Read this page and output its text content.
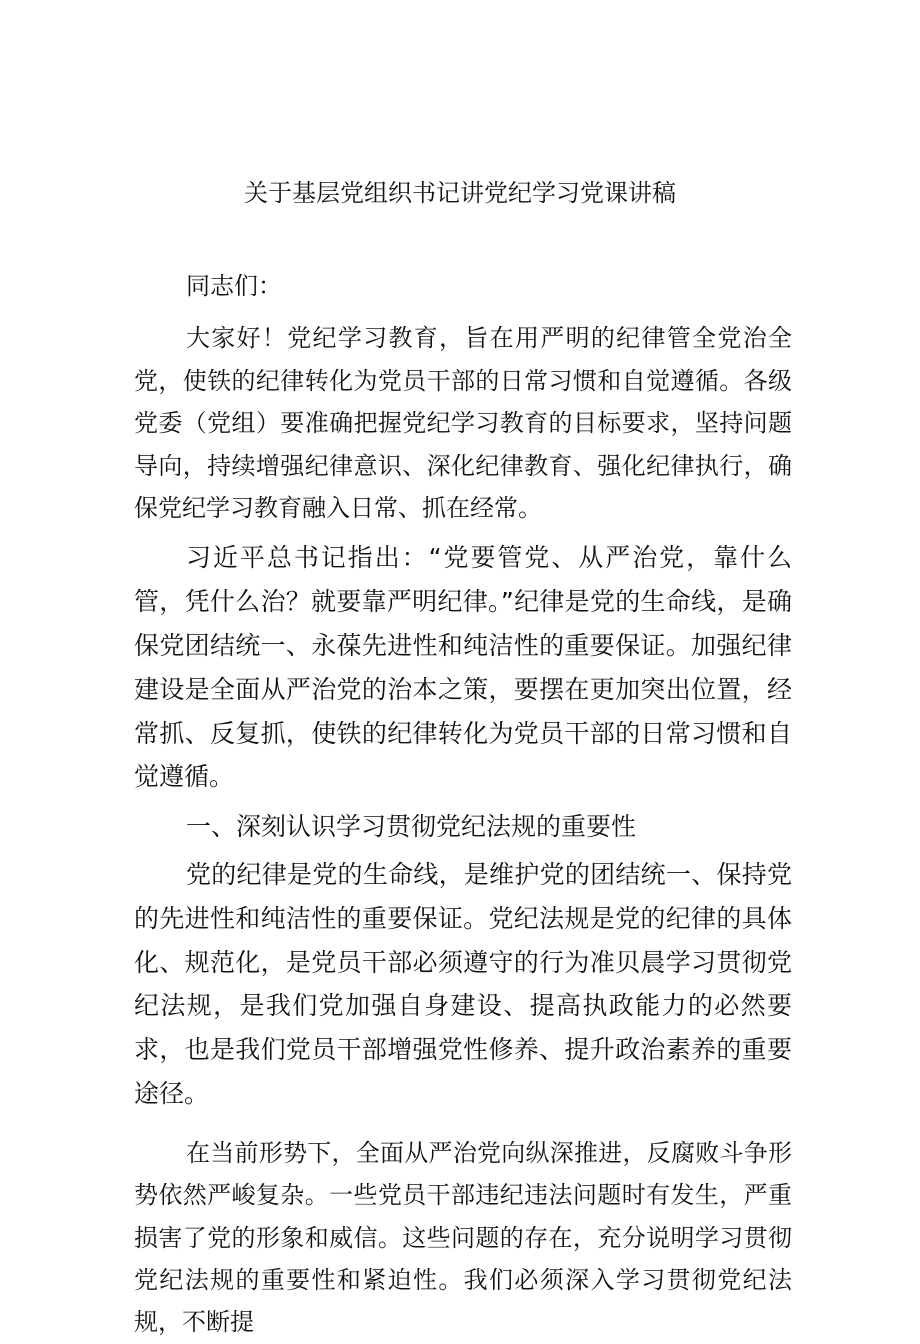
关于基层党组织书记讲党纪学习党课讲稿

同志们：

大家好！党纪学习教育，旨在用严明的纪律管全党治全党，使铁的纪律转化为党员干部的日常习惯和自觉遵循。各级党委（党组）要准确把握党纪学习教育的目标要求，坚持问题导向，持续增强纪律意识、深化纪律教育、强化纪律执行，确保党纪学习教育融入日常、抓在经常。

习近平总书记指出：“党要管党、从严治党，靠什么管，凭什么治？就要靠严明纪律。”纪律是党的生命线，是确保党团结统一、永葆先进性和纯洁性的重要保证。加强纪律建设是全面从严治党的治本之策，要摆在更加突出位置，经常抓、反复抓，使铁的纪律转化为党员干部的日常习惯和自觉遵循。

一、深刻认识学习贯彻党纪法规的重要性

党的纪律是党的生命线，是维护党的团结统一、保持党的先进性和纯洁性的重要保证。党纪法规是党的纪律的具体化、规范化，是党员干部必须遵守的行为准贝晨学习贯彻党纪法规，是我们党加强自身建设、提高执政能力的必然要求，也是我们党员干部增强党性修养、提升政治素养的重要途径。

在当前形势下，全面从严治党向纵深推进，反腐败斗争形势依然严峻复杂。一些党员干部违纪违法问题时有发生，严重损害了党的形象和威信。这些问题的存在，充分说明学习贯彻党纪法规的重要性和紧迫性。我们必须深入学习贯彻党纪法规，不断提
